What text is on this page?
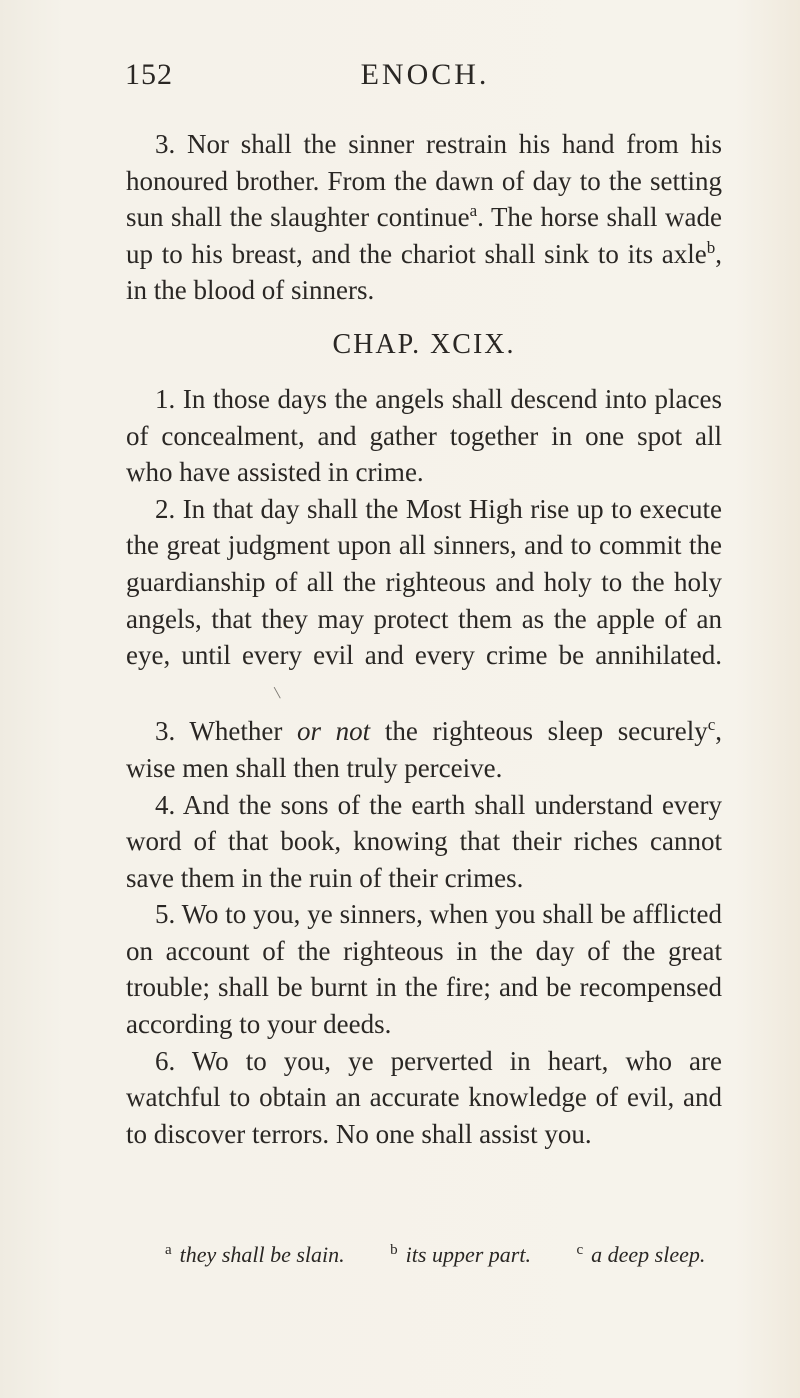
152	ENOCH.

3. Nor shall the sinner restrain his hand from his honoured brother. From the dawn of day to the setting sun shall the slaughter continue$^a$. The horse shall wade up to his breast, and the chariot shall sink to its axle$^b$, in the blood of sinners.

CHAP. XCIX.

1. In those days the angels shall descend into places of concealment, and gather together in one spot all who have assisted in crime.

2. In that day shall the Most High rise up to execute the great judgment upon all sinners, and to commit the guardianship of all the righteous and holy to the holy angels, that they may protect them as the apple of an eye, until every evil and every crime be annihilated.\

3. Whether or not the righteous sleep securely$^c$, wise men shall then truly perceive.

4. And the sons of the earth shall understand every word of that book, knowing that their riches cannot save them in the ruin of their crimes.

5. Wo to you, ye sinners, when you shall be afflicted on account of the righteous in the day of the great trouble; shall be burnt in the fire; and be recompensed according to your deeds.

6. Wo to you, ye perverted in heart, who are watchful to obtain an accurate knowledge of evil, and to discover terrors. No one shall assist you.

$^a$ they shall be slain.	$^b$ its upper part.	$^c$ a deep sleep.
